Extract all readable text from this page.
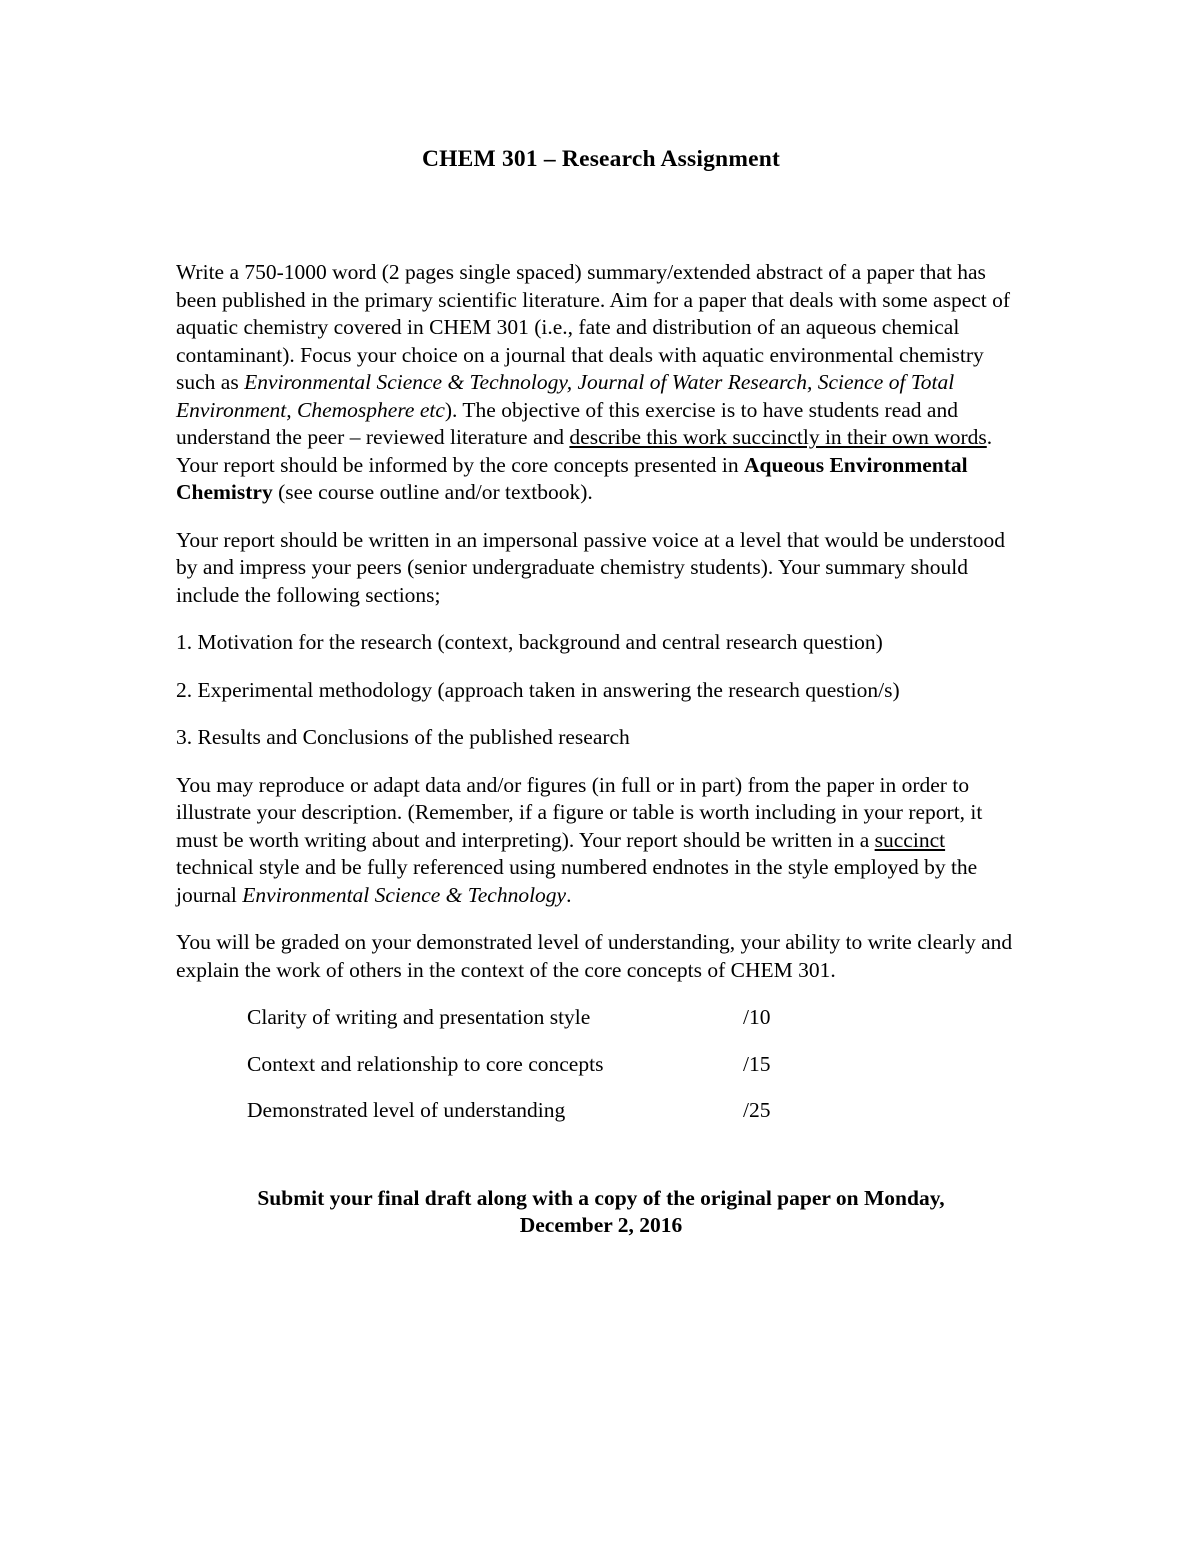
CHEM 301 – Research Assignment

Write a 750-1000 word (2 pages single spaced) summary/extended abstract of a paper that has been published in the primary scientific literature. Aim for a paper that deals with some aspect of aquatic chemistry covered in CHEM 301 (i.e., fate and distribution of an aqueous chemical contaminant). Focus your choice on a journal that deals with aquatic environmental chemistry such as Environmental Science & Technology, Journal of Water Research, Science of Total Environment, Chemosphere etc). The objective of this exercise is to have students read and understand the peer – reviewed literature and describe this work succinctly in their own words. Your report should be informed by the core concepts presented in Aqueous Environmental Chemistry (see course outline and/or textbook).

Your report should be written in an impersonal passive voice at a level that would be understood by and impress your peers (senior undergraduate chemistry students). Your summary should include the following sections;

1. Motivation for the research (context, background and central research question)

2. Experimental methodology (approach taken in answering the research question/s)

3. Results and Conclusions of the published research

You may reproduce or adapt data and/or figures (in full or in part) from the paper in order to illustrate your description. (Remember, if a figure or table is worth including in your report, it must be worth writing about and interpreting). Your report should be written in a succinct technical style and be fully referenced using numbered endnotes in the style employed by the journal Environmental Science & Technology.

You will be graded on your demonstrated level of understanding, your ability to write clearly and explain the work of others in the context of the core concepts of CHEM 301.

Clarity of writing and presentation style	/10
Context and relationship to core concepts	/15
Demonstrated level of understanding	/25
Submit your final draft along with a copy of the original paper on Monday,
December 2, 2016
